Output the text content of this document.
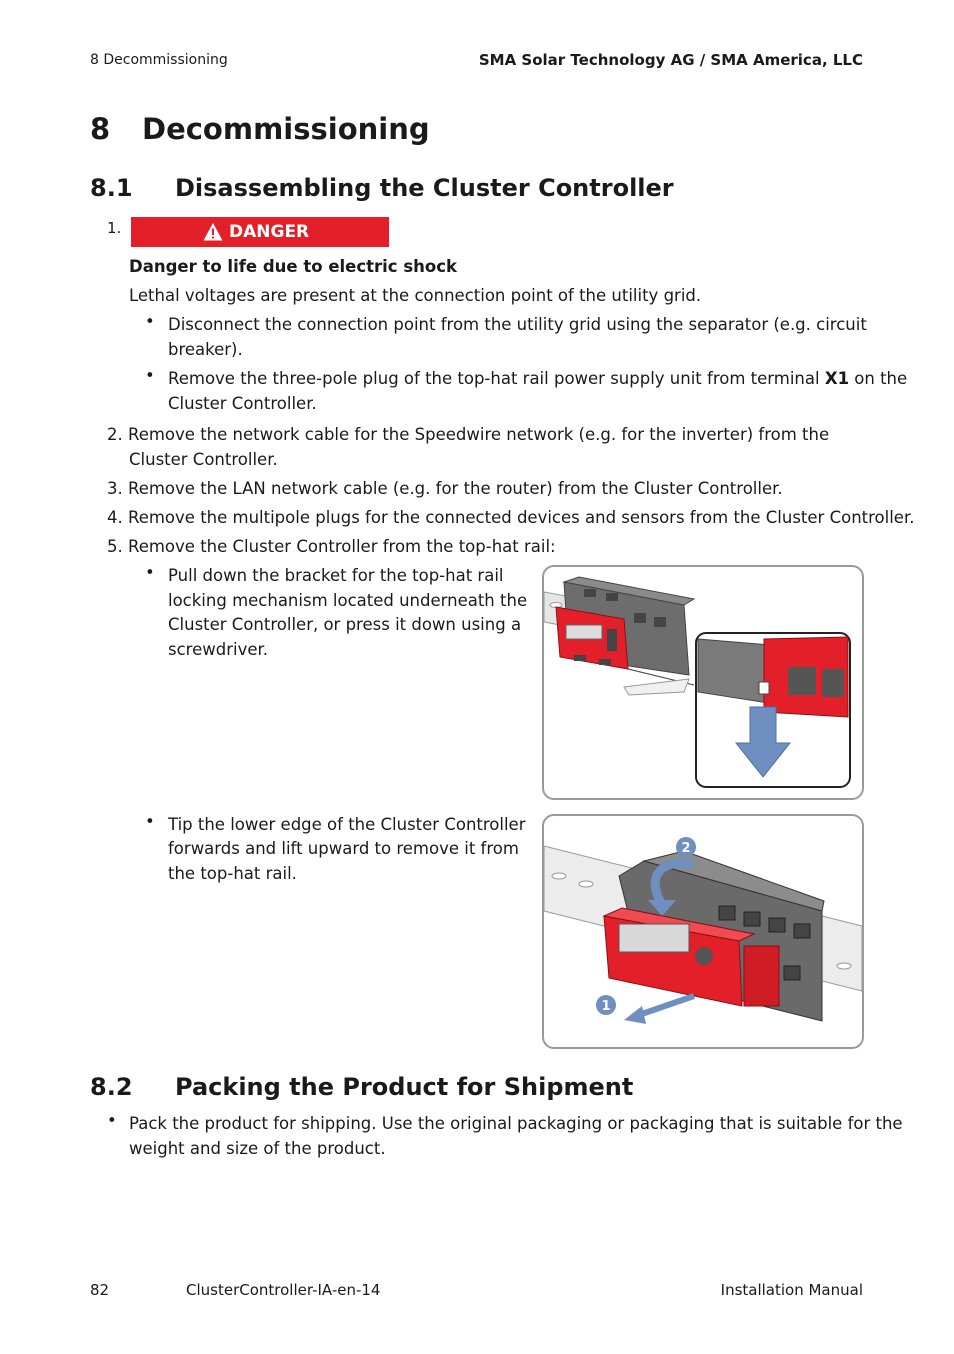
8 Decommissioning	SMA Solar Technology AG / SMA America, LLC
8 Decommissioning
8.1 Disassembling the Cluster Controller
1.	DANGER
Danger to life due to electric shock
Lethal voltages are present at the connection point of the utility grid.
• Disconnect the connection point from the utility grid using the separator (e.g. circuit
breaker).
• Remove the three-pole plug of the top-hat rail power supply unit from terminal X1 on the
Cluster Controller.
2. Remove the network cable for the Speedwire network (e.g. for the inverter) from the
Cluster Controller.
3. Remove the LAN network cable (e.g. for the router) from the Cluster Controller.
4. Remove the multipole plugs for the connected devices and sensors from the Cluster Controller.
5. Remove the Cluster Controller from the top-hat rail:
• Pull down the bracket for the top-hat rail
locking mechanism located underneath the
Cluster Controller, or press it down using a
screwdriver.
• Tip the lower edge of the Cluster Controller
forwards and lift upward to remove it from
the top-hat rail.
2
1
8.2 Packing the Product for Shipment
• Pack the product for shipping. Use the original packaging or packaging that is suitable for the
weight and size of the product.
82	ClusterController-IA-en-14	Installation Manual
